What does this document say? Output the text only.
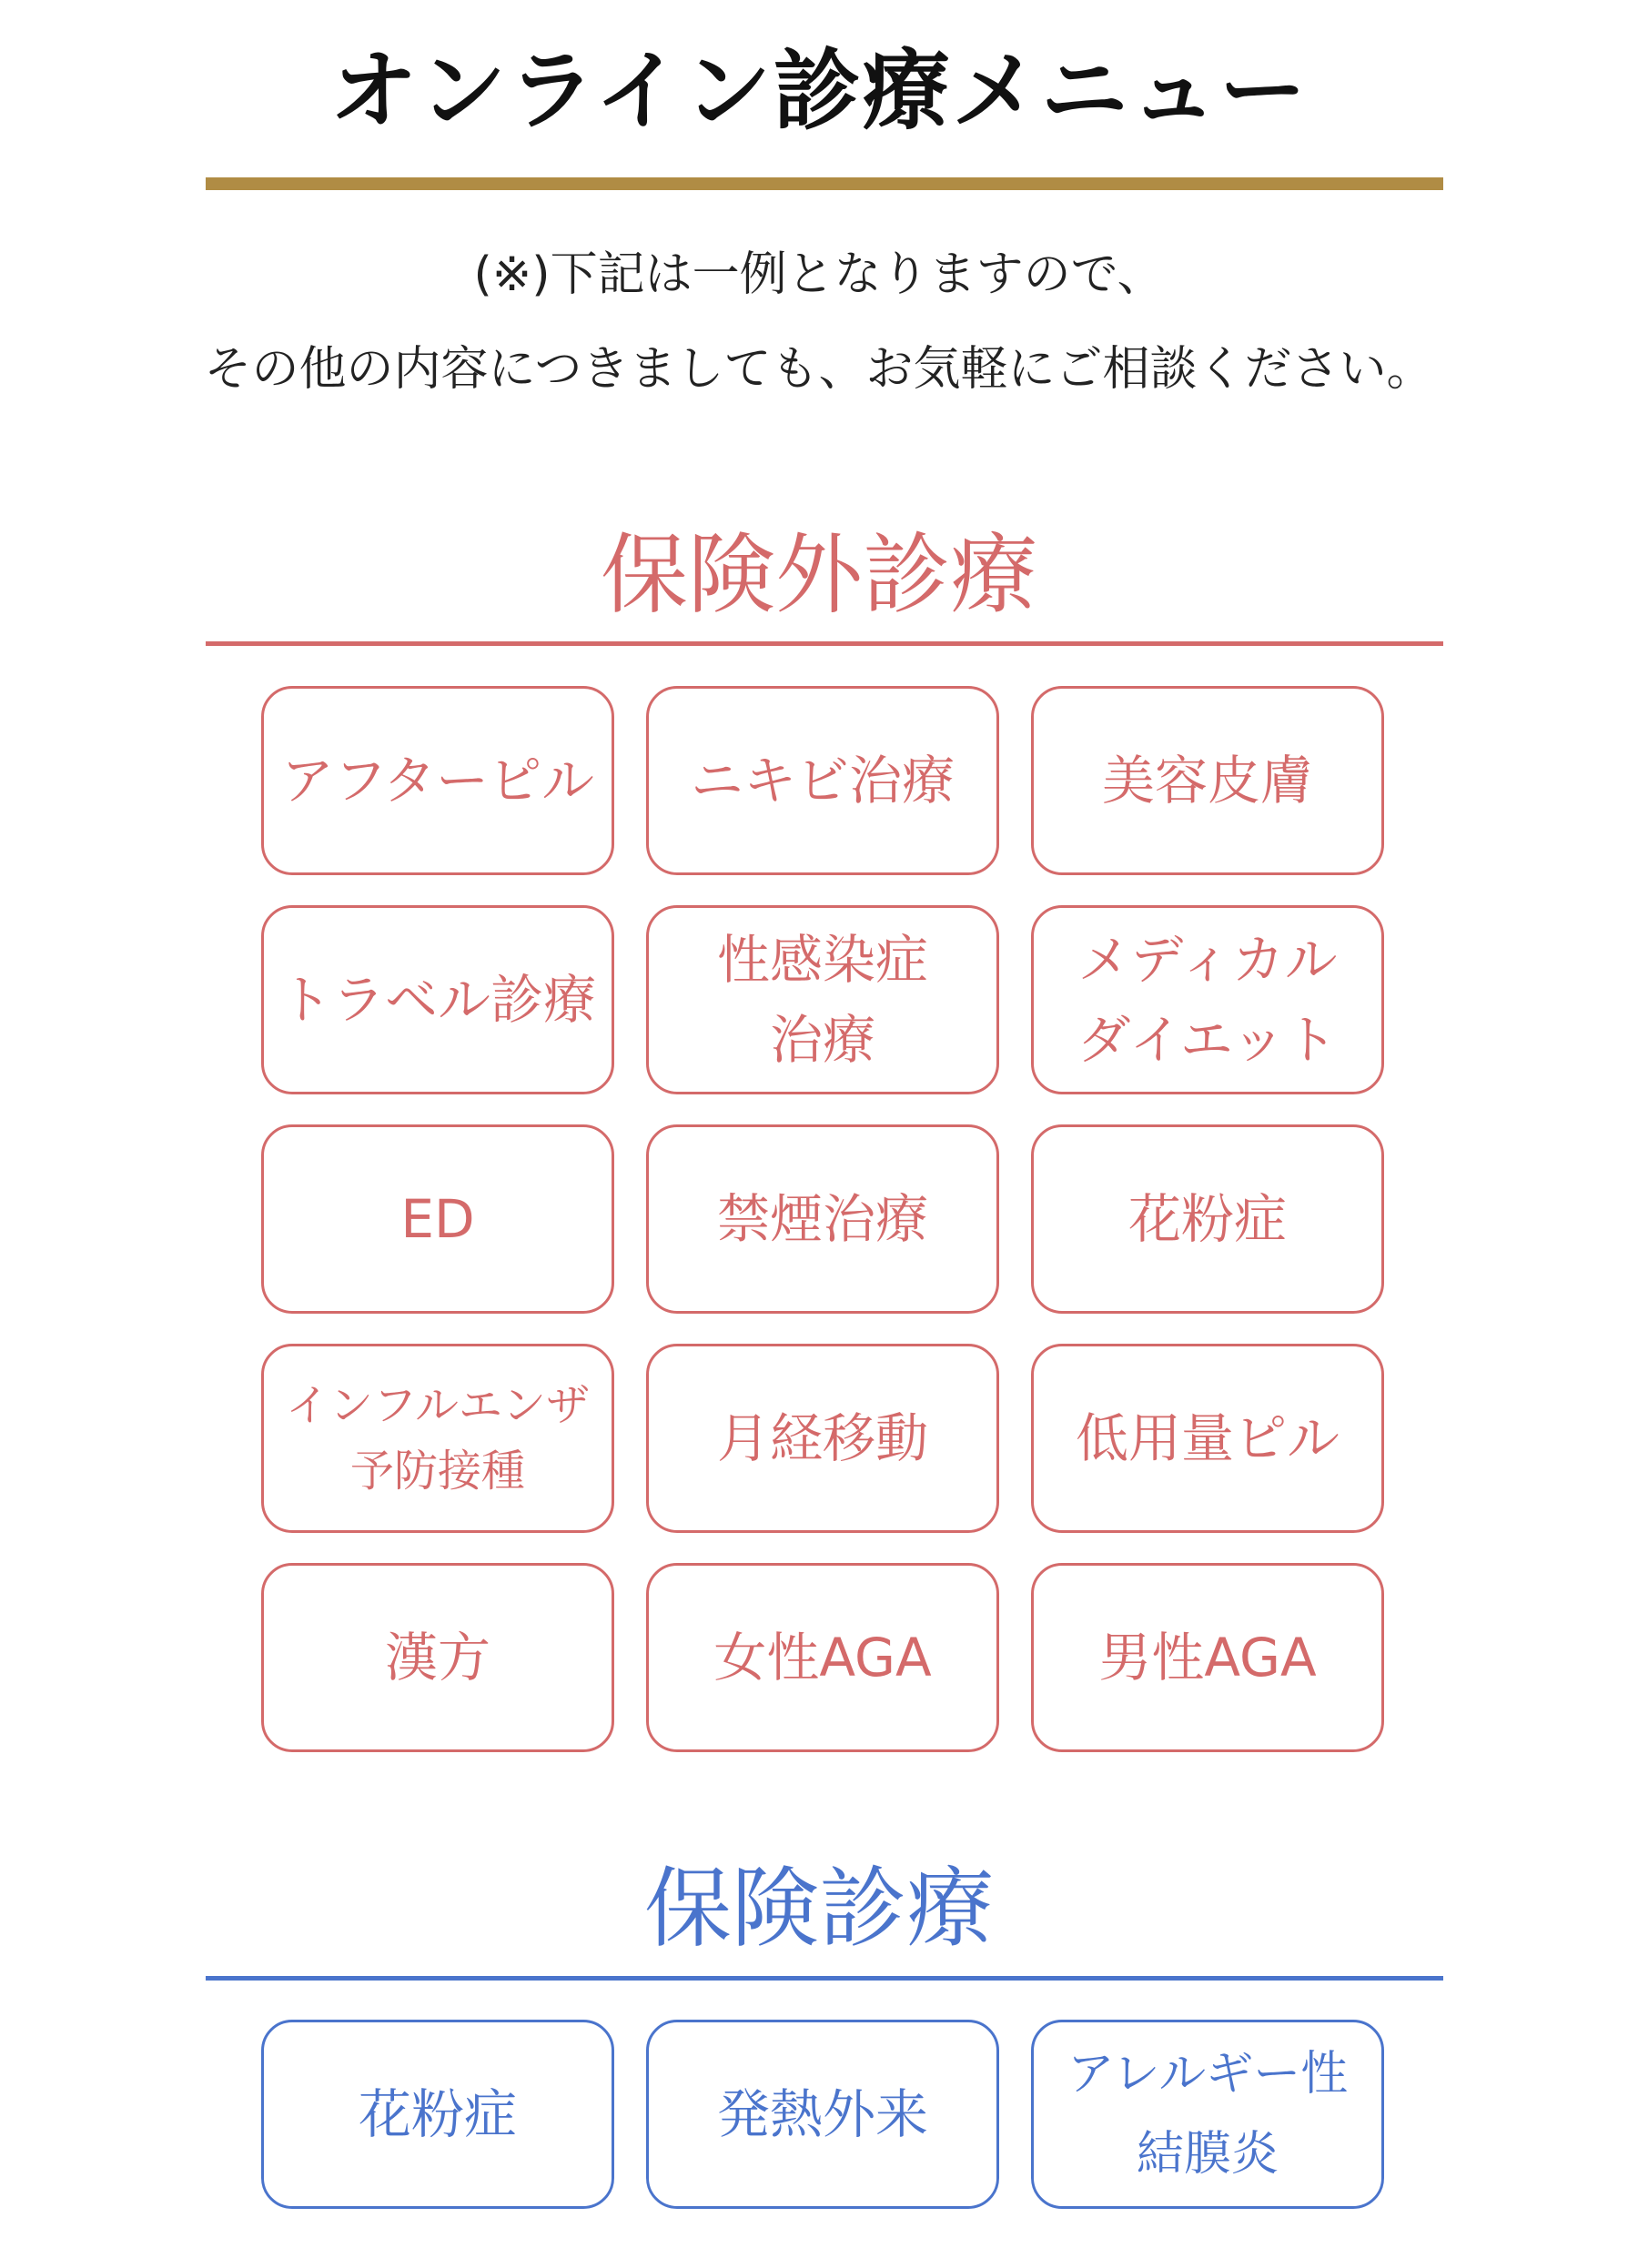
オンライン診療メニュー
(※)下記は一例となりますので、
その他の内容につきましても、お気軽にご相談ください。
保険外診療
アフターピル	ニキビ治療	美容皮膚
トラベル診療
性感染症
治療
メディカル
ダイエット
ED	禁煙治療	花粉症
インフルエンザ
予防接種
月経移動	低用量ピル
漢方	女性AGA	男性AGA
保険診療
花粉症	発熱外来
アレルギー性
結膜炎
